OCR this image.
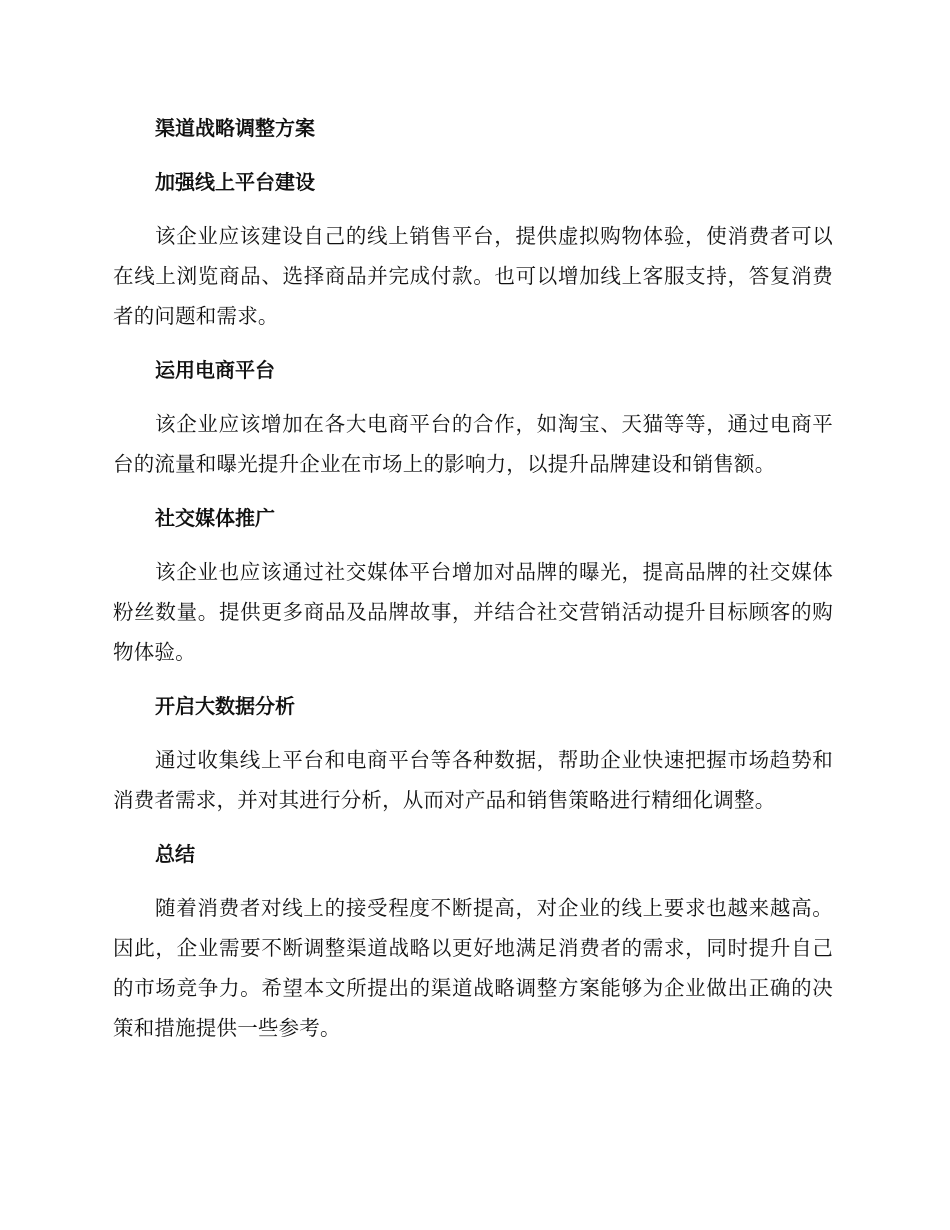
渠道战略调整方案
加强线上平台建设
该企业应该建设自己的线上销售平台，提供虚拟购物体验，使消费者可以在线上浏览商品、选择商品并完成付款。也可以增加线上客服支持，答复消费者的问题和需求。
运用电商平台
该企业应该增加在各大电商平台的合作，如淘宝、天猫等等，通过电商平台的流量和曝光提升企业在市场上的影响力，以提升品牌建设和销售额。
社交媒体推广
该企业也应该通过社交媒体平台增加对品牌的曝光，提高品牌的社交媒体粉丝数量。提供更多商品及品牌故事，并结合社交营销活动提升目标顾客的购物体验。
开启大数据分析
通过收集线上平台和电商平台等各种数据，帮助企业快速把握市场趋势和消费者需求，并对其进行分析，从而对产品和销售策略进行精细化调整。
总结
随着消费者对线上的接受程度不断提高，对企业的线上要求也越来越高。因此，企业需要不断调整渠道战略以更好地满足消费者的需求，同时提升自己的市场竞争力。希望本文所提出的渠道战略调整方案能够为企业做出正确的决策和措施提供一些参考。
